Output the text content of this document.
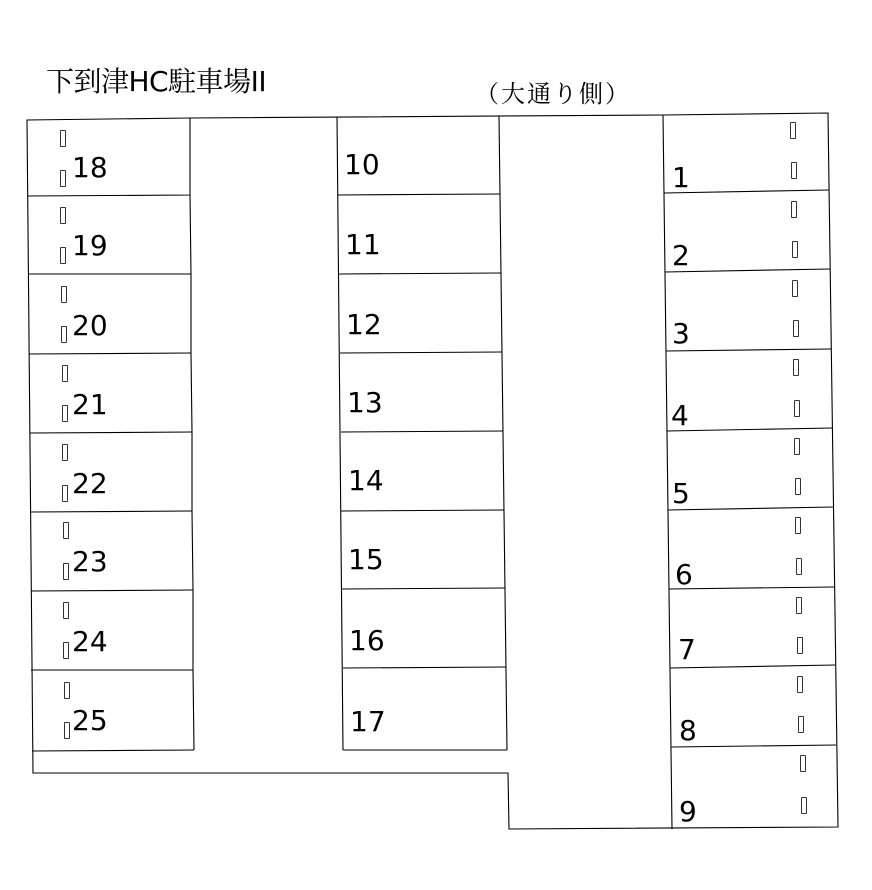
下到津HC駐車場II	（大通り側）
18
19
20
21
22
23
24
25
10
11
12
13
14
15
16
17
1
2
3
4
5
6
7
8
9
